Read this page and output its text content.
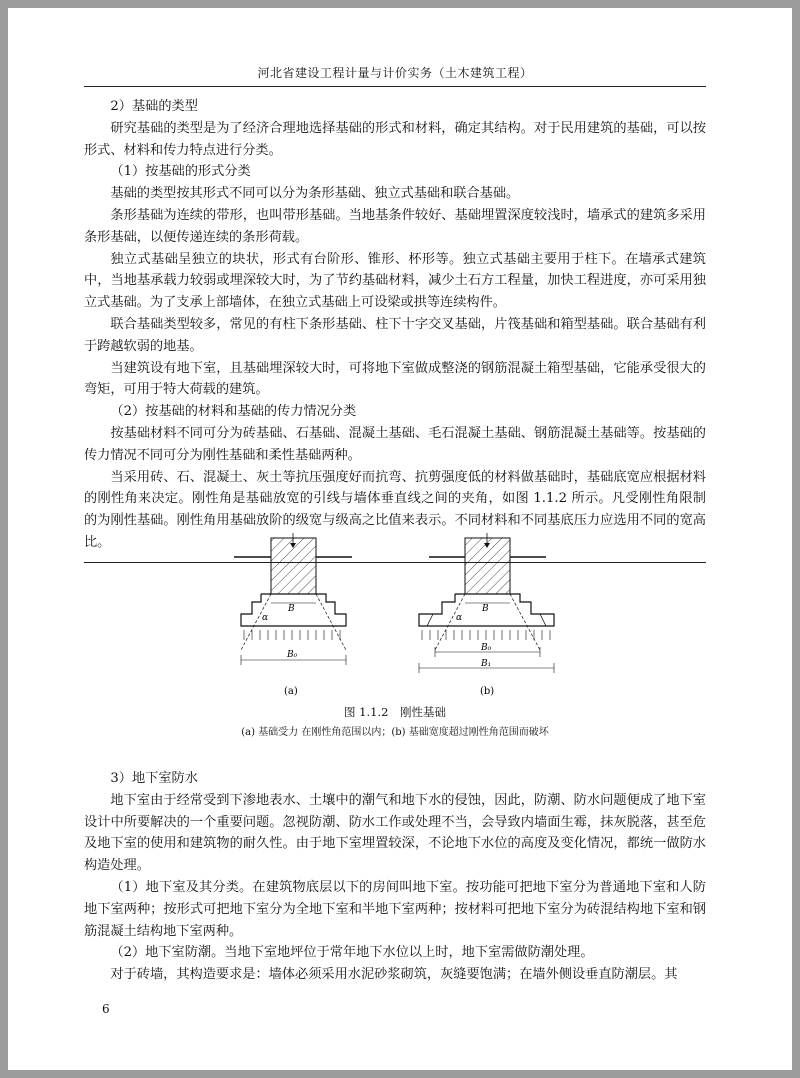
河北省建设工程计量与计价实务（土木建筑工程）

2）基础的类型

研究基础的类型是为了经济合理地选择基础的形式和材料，确定其结构。对于民用建筑的基础，可以按形式、材料和传力特点进行分类。

（1）按基础的形式分类

基础的类型按其形式不同可以分为条形基础、独立式基础和联合基础。

条形基础为连续的带形，也叫带形基础。当地基条件较好、基础埋置深度较浅时，墙承式的建筑多采用条形基础，以便传递连续的条形荷载。

独立式基础呈独立的块状，形式有台阶形、锥形、杯形等。独立式基础主要用于柱下。在墙承式建筑中，当地基承载力较弱或埋深较大时，为了节约基础材料，减少土石方工程量，加快工程进度，亦可采用独立式基础。为了支承上部墙体，在独立式基础上可设梁或拱等连续构件。

联合基础类型较多，常见的有柱下条形基础、柱下十字交叉基础，片筏基础和箱型基础。联合基础有利于跨越软弱的地基。

当建筑设有地下室，且基础埋深较大时，可将地下室做成整浇的钢筋混凝土箱型基础，它能承受很大的弯矩，可用于特大荷载的建筑。

（2）按基础的材料和基础的传力情况分类

按基础材料不同可分为砖基础、石基础、混凝土基础、毛石混凝土基础、钢筋混凝土基础等。按基础的传力情况不同可分为刚性基础和柔性基础两种。

当采用砖、石、混凝土、灰土等抗压强度好而抗弯、抗剪强度低的材料做基础时，基础底宽应根据材料的刚性角来决定。刚性角是基础放宽的引线与墙体垂直线之间的夹角，如图 1.1.2 所示。凡受刚性角限制的为刚性基础。刚性角用基础放阶的级宽与级高之比值来表示。不同材料和不同基底压力应选用不同的宽高比。

B
α
B₀
(a)
B
α
B₀
B₁
(b)
图 1.1.2　刚性基础
(a) 基础受力 在刚性角范围以内；(b) 基础宽度超过刚性角范围而破坏

3）地下室防水

地下室由于经常受到下渗地表水、土壤中的潮气和地下水的侵蚀，因此，防潮、防水问题便成了地下室设计中所要解决的一个重要问题。忽视防潮、防水工作或处理不当，会导致内墙面生霉，抹灰脱落，甚至危及地下室的使用和建筑物的耐久性。由于地下室埋置较深，不论地下水位的高度及变化情况，都统一做防水构造处理。

（1）地下室及其分类。在建筑物底层以下的房间叫地下室。按功能可把地下室分为普通地下室和人防地下室两种；按形式可把地下室分为全地下室和半地下室两种；按材料可把地下室分为砖混结构地下室和钢筋混凝土结构地下室两种。

（2）地下室防潮。当地下室地坪位于常年地下水位以上时，地下室需做防潮处理。

对于砖墙，其构造要求是：墙体必须采用水泥砂浆砌筑，灰缝要饱满；在墙外侧设垂直防潮层。其

6
